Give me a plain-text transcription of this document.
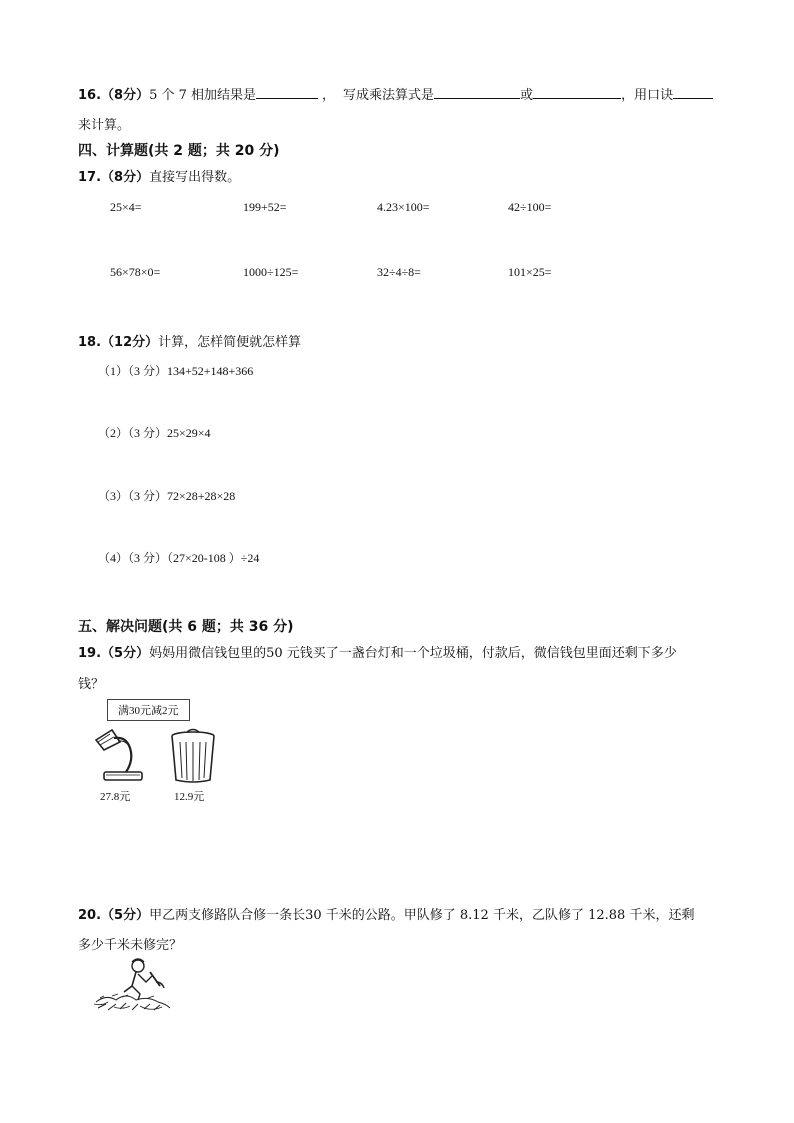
16.（8分）5 个 7 相加结果是	， 写成乘法算式是	或	，用口诀
来计算。
四、计算题(共 2 题；共 20 分)
17.（8分）直接写出得数。
25×4=	199+52=	4.23×100=	42÷100=
56×78×0=	1000÷125=	32÷4÷8=	101×25=
18.（12分）计算，怎样简便就怎样算
（1）（3 分）134+52+148+366
（2）（3 分）25×29×4
（3）（3 分）72×28+28×28
（4）（3 分）（27×20-108 ）÷24
五、解决问题(共 6 题；共 36 分)
19.（5分）妈妈用微信钱包里的50 元钱买了一盏台灯和一个垃圾桶，付款后，微信钱包里面还剩下多少
钱？
满30元减2元
27.8元	12.9元
20.（5分）甲乙两支修路队合修一条长30 千米的公路。甲队修了 8.12 千米，乙队修了 12.88 千米，还剩
多少千米未修完？
